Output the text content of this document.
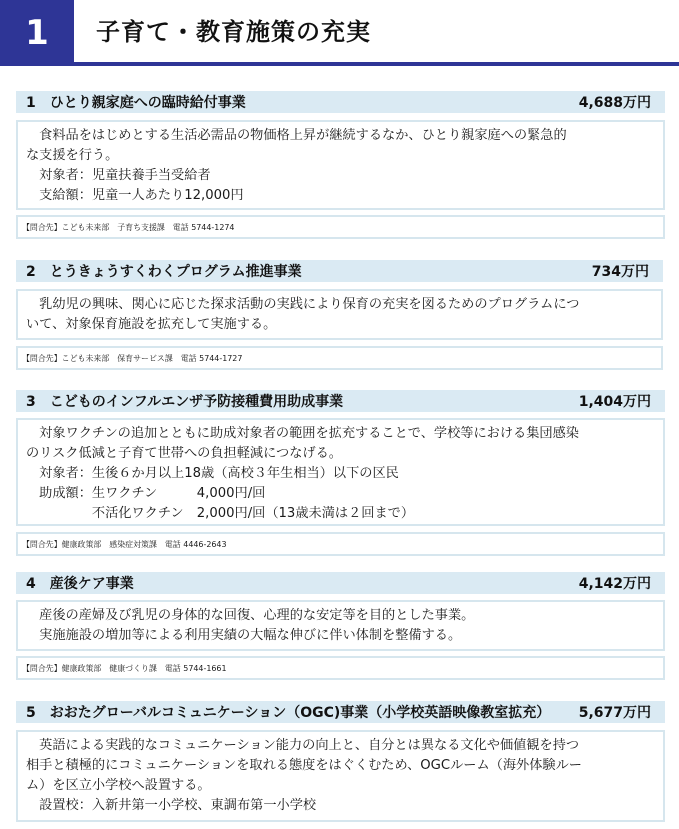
1	子育て・教育施策の充実
1　ひとり親家庭への臨時給付事業	4,688万円

　食料品をはじめとする生活必需品の物価格上昇が継続するなか、ひとり親家庭への緊急的

な支援を行う。

　対象者：児童扶養手当受給者

　支給額：児童一人あたり12,000円

【問合先】こども未来部　子育ち支援課　電話 5744-1274
2　とうきょうすくわくプログラム推進事業	734万円

　乳幼児の興味、関心に応じた探求活動の実践により保育の充実を図るためのプログラムにつ

いて、対象保育施設を拡充して実施する。

【問合先】こども未来部　保育サービス課　電話 5744-1727
3　こどものインフルエンザ予防接種費用助成事業	1,404万円

　対象ワクチンの追加とともに助成対象者の範囲を拡充することで、学校等における集団感染

のリスク低減と子育て世帯への負担軽減につなげる。

　対象者：生後６か月以上18歳（高校３年生相当）以下の区民

　助成額：生ワクチン　　　4,000円/回

　　　　　不活化ワクチン　2,000円/回（13歳未満は２回まで）

【問合先】健康政策部　感染症対策課　電話 4446-2643
4　産後ケア事業	4,142万円

　産後の産婦及び乳児の身体的な回復、心理的な安定等を目的とした事業。

　実施施設の増加等による利用実績の大幅な伸びに伴い体制を整備する。

【問合先】健康政策部　健康づくり課　電話 5744-1661
5　おおたグローバルコミュニケーション（OGC)事業（小学校英語映像教室拡充） 5,677万円

　英語による実践的なコミュニケーション能力の向上と、自分とは異なる文化や価値観を持つ

相手と積極的にコミュニケーションを取れる態度をはぐくむため、OGCルーム（海外体験ルー

ム）を区立小学校へ設置する。

　設置校：入新井第一小学校、東調布第一小学校
